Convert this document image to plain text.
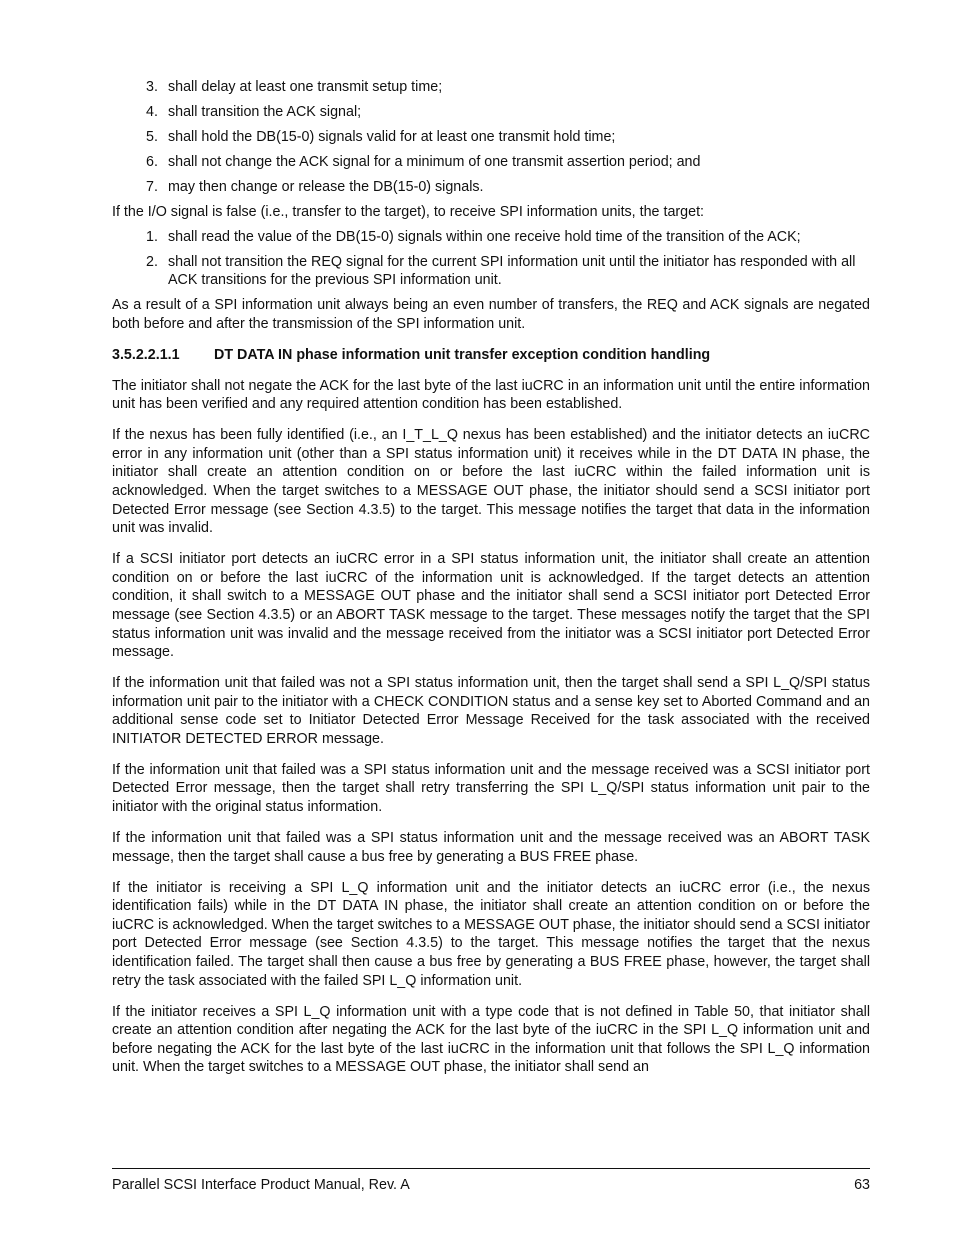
3. shall delay at least one transmit setup time;
4. shall transition the ACK signal;
5. shall hold the DB(15-0) signals valid for at least one transmit hold time;
6. shall not change the ACK signal for a minimum of one transmit assertion period; and
7. may then change or release the DB(15-0) signals.

If the I/O signal is false (i.e., transfer to the target), to receive SPI information units, the target:

1. shall read the value of the DB(15-0) signals within one receive hold time of the transition of the ACK;
2. shall not transition the REQ signal for the current SPI information unit until the initiator has responded with all ACK transitions for the previous SPI information unit.

As a result of a SPI information unit always being an even number of transfers, the REQ and ACK signals are negated both before and after the transmission of the SPI information unit.

3.5.2.2.1.1	DT DATA IN phase information unit transfer exception condition handling

The initiator shall not negate the ACK for the last byte of the last iuCRC in an information unit until the entire information unit has been verified and any required attention condition has been established.

If the nexus has been fully identified (i.e., an I_T_L_Q nexus has been established) and the initiator detects an iuCRC error in any information unit (other than a SPI status information unit) it receives while in the DT DATA IN phase, the initiator shall create an attention condition on or before the last iuCRC within the failed information unit is acknowledged. When the target switches to a MESSAGE OUT phase, the initiator should send a SCSI initiator port Detected Error message (see Section 4.3.5) to the target. This message notifies the target that data in the information unit was invalid.

If a SCSI initiator port detects an iuCRC error in a SPI status information unit, the initiator shall create an attention condition on or before the last iuCRC of the information unit is acknowledged. If the target detects an attention condition, it shall switch to a MESSAGE OUT phase and the initiator shall send a SCSI initiator port Detected Error message (see Section 4.3.5) or an ABORT TASK message to the target. These messages notify the target that the SPI status information unit was invalid and the message received from the initiator was a SCSI initiator port Detected Error message.

If the information unit that failed was not a SPI status information unit, then the target shall send a SPI L_Q/SPI status information unit pair to the initiator with a CHECK CONDITION status and a sense key set to Aborted Command and an additional sense code set to Initiator Detected Error Message Received for the task associated with the received INITIATOR DETECTED ERROR message.

If the information unit that failed was a SPI status information unit and the message received was a SCSI initiator port Detected Error message, then the target shall retry transferring the SPI L_Q/SPI status information unit pair to the initiator with the original status information.

If the information unit that failed was a SPI status information unit and the message received was an ABORT TASK message, then the target shall cause a bus free by generating a BUS FREE phase.

If the initiator is receiving a SPI L_Q information unit and the initiator detects an iuCRC error (i.e., the nexus identification fails) while in the DT DATA IN phase, the initiator shall create an attention condition on or before the iuCRC is acknowledged. When the target switches to a MESSAGE OUT phase, the initiator should send a SCSI initiator port Detected Error message (see Section 4.3.5) to the target. This message notifies the target that the nexus identification failed. The target shall then cause a bus free by generating a BUS FREE phase, however, the target shall retry the task associated with the failed SPI L_Q information unit.

If the initiator receives a SPI L_Q information unit with a type code that is not defined in Table 50, that initiator shall create an attention condition after negating the ACK for the last byte of the iuCRC in the SPI L_Q information unit and before negating the ACK for the last byte of the last iuCRC in the information unit that follows the SPI L_Q information unit. When the target switches to a MESSAGE OUT phase, the initiator shall send an

Parallel SCSI Interface Product Manual, Rev. A	63
